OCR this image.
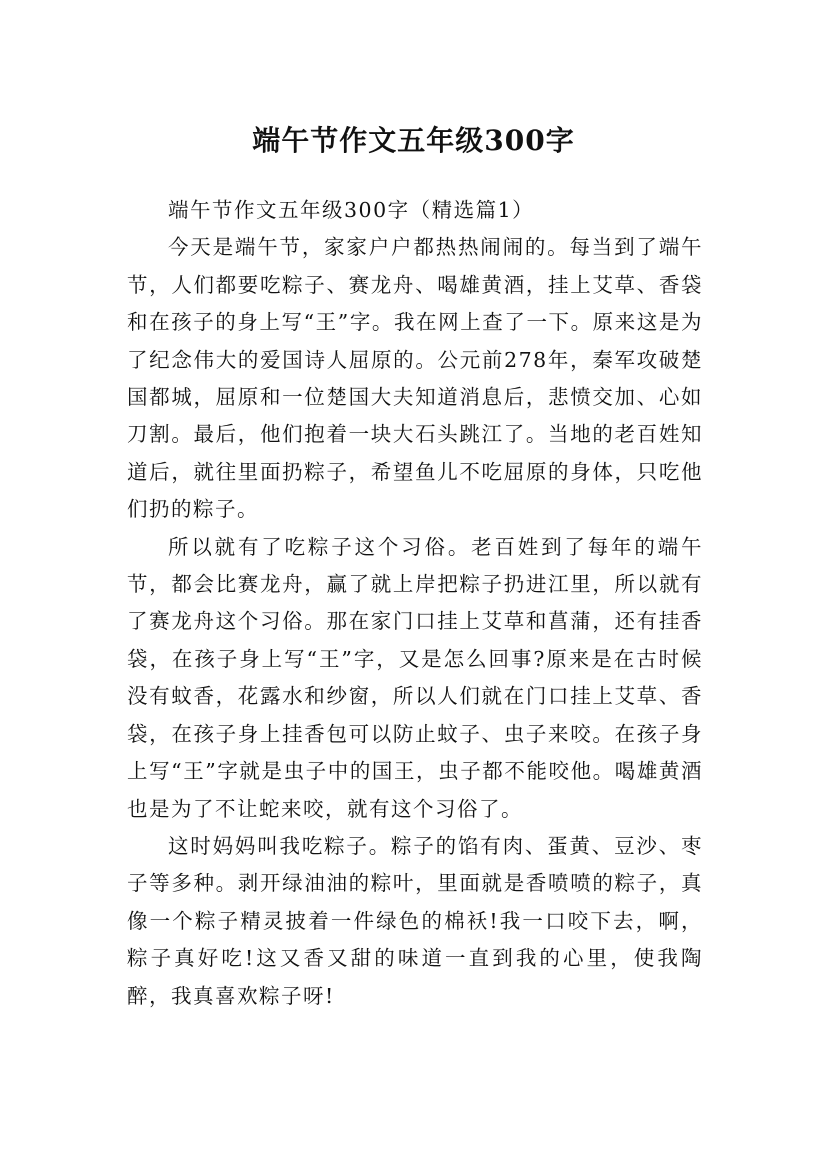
端午节作文五年级300字

端午节作文五年级300字（精选篇1）

今天是端午节，家家户户都热热闹闹的。每当到了端午节，人们都要吃粽子、赛龙舟、喝雄黄酒，挂上艾草、香袋和在孩子的身上写“王”字。我在网上查了一下。原来这是为了纪念伟大的爱国诗人屈原的。公元前278年，秦军攻破楚国都城，屈原和一位楚国大夫知道消息后，悲愤交加、心如刀割。最后，他们抱着一块大石头跳江了。当地的老百姓知道后，就往里面扔粽子，希望鱼儿不吃屈原的身体，只吃他们扔的粽子。

所以就有了吃粽子这个习俗。老百姓到了每年的端午节，都会比赛龙舟，赢了就上岸把粽子扔进江里，所以就有了赛龙舟这个习俗。那在家门口挂上艾草和菖蒲，还有挂香袋，在孩子身上写“王”字，又是怎么回事?原来是在古时候没有蚊香，花露水和纱窗，所以人们就在门口挂上艾草、香袋，在孩子身上挂香包可以防止蚊子、虫子来咬。在孩子身上写“王”字就是虫子中的国王，虫子都不能咬他。喝雄黄酒也是为了不让蛇来咬，就有这个习俗了。

这时妈妈叫我吃粽子。粽子的馅有肉、蛋黄、豆沙、枣子等多种。剥开绿油油的粽叶，里面就是香喷喷的粽子，真像一个粽子精灵披着一件绿色的棉袄!我一口咬下去，啊，粽子真好吃!这又香又甜的味道一直到我的心里，使我陶醉，我真喜欢粽子呀!
